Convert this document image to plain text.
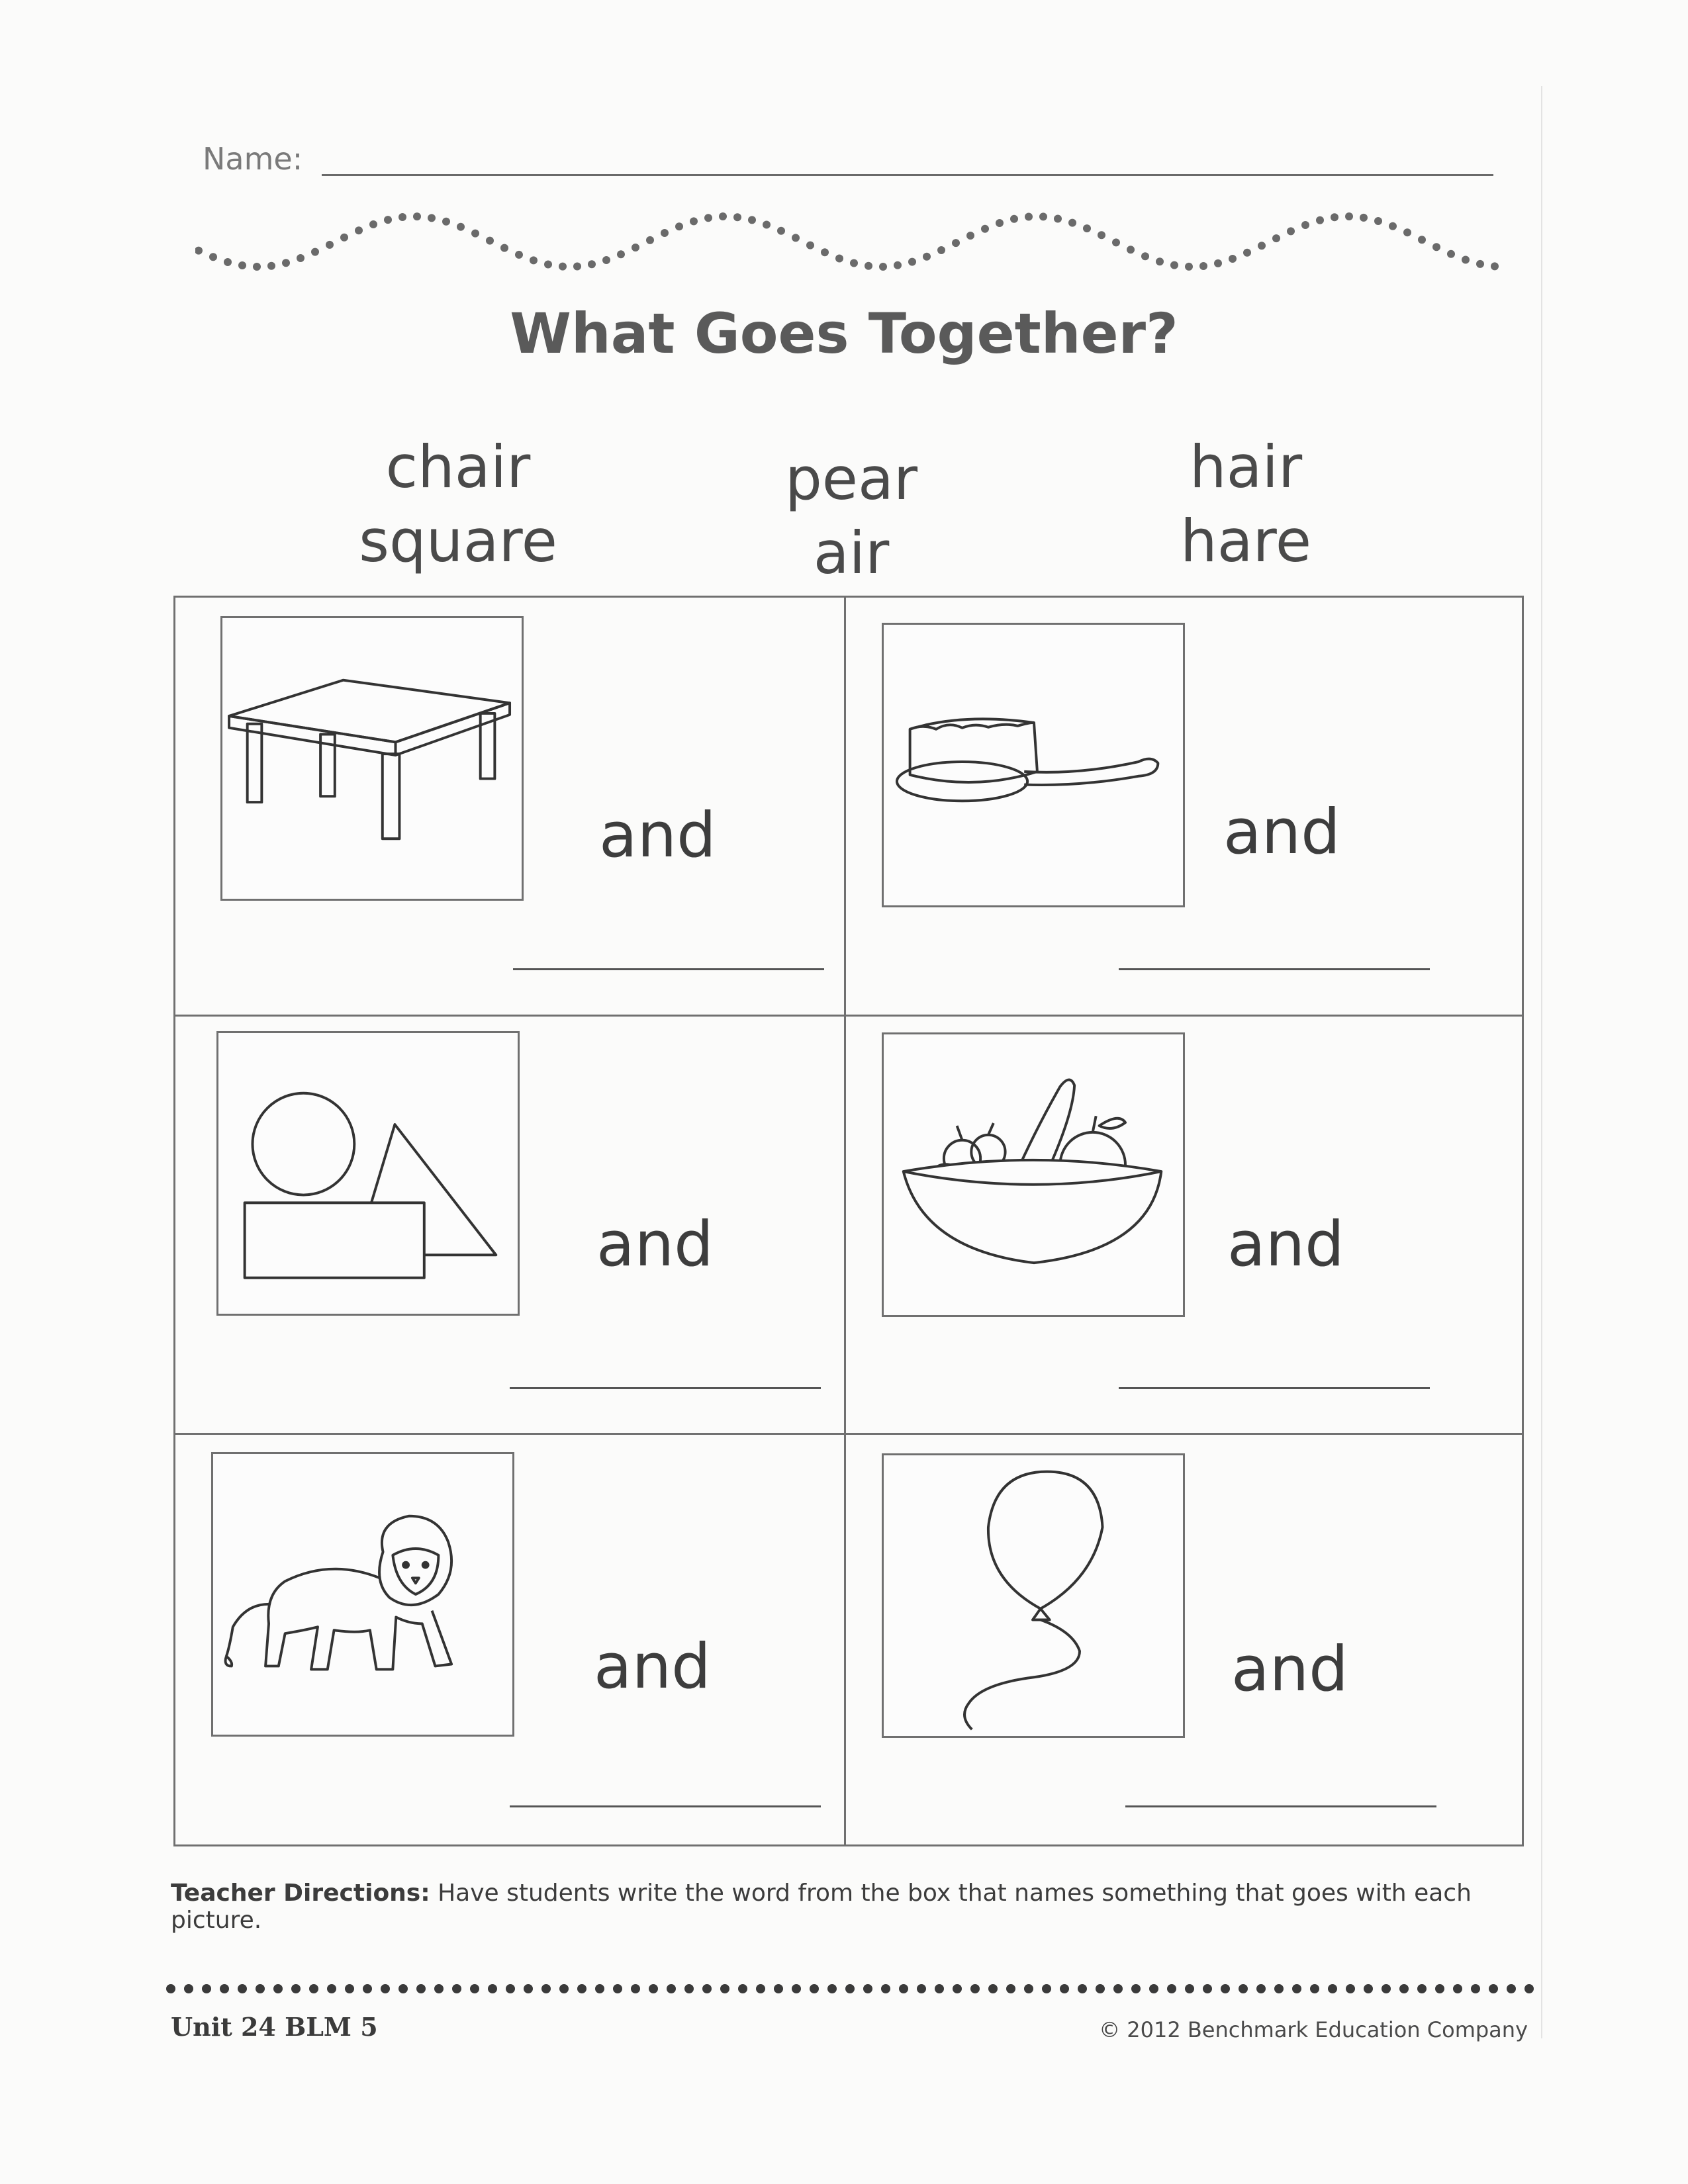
Name:
What Goes Together?
chair
square
pear
air
hair
hare
and	and
and	and
and	and
Teacher Directions: Have students write the word from the box that names something that goes with each picture.
Unit 24 BLM 5	© 2012 Benchmark Education Company
